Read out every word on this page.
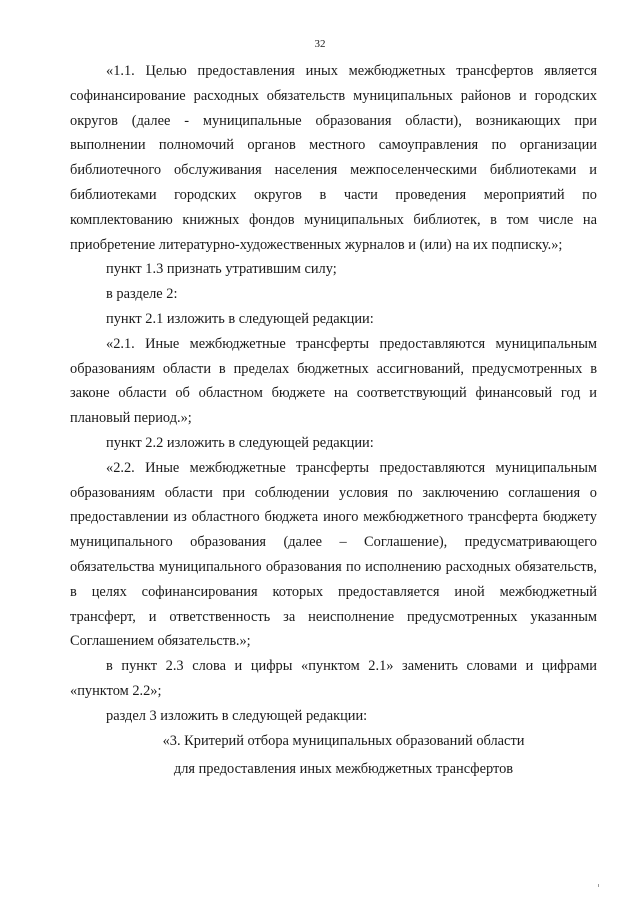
32

«1.1. Целью предоставления иных межбюджетных трансфертов является софинансирование расходных обязательств муниципальных районов и городских округов (далее - муниципальные образования области), возникающих при выполнении полномочий органов местного самоуправления по организации библиотечного обслуживания населения межпоселенческими библиотеками и библиотеками городских округов в части проведения мероприятий по комплектованию книжных фондов муниципальных библиотек, в том числе на приобретение литературно-художественных журналов и (или) на их подписку.»;

пункт 1.3 признать утратившим силу;

в разделе 2:

пункт 2.1 изложить в следующей редакции:

«2.1. Иные межбюджетные трансферты предоставляются муниципальным образованиям области в пределах бюджетных ассигнований, предусмотренных в законе области об областном бюджете на соответствующий финансовый год и плановый период.»;

пункт 2.2 изложить в следующей редакции:

«2.2. Иные межбюджетные трансферты предоставляются муниципальным образованиям области при соблюдении условия по заключению соглашения о предоставлении из областного бюджета иного межбюджетного трансферта бюджету муниципального образования (далее – Соглашение), предусматривающего обязательства муниципального образования по исполнению расходных обязательств, в целях софинансирования которых предоставляется иной межбюджетный трансферт, и ответственность за неисполнение предусмотренных указанным Соглашением обязательств.»;

в пункт 2.3 слова и цифры «пунктом 2.1» заменить словами и цифрами «пунктом 2.2»;

раздел 3 изложить в следующей редакции:

«3. Критерий отбора муниципальных образований области
для предоставления иных межбюджетных трансфертов
